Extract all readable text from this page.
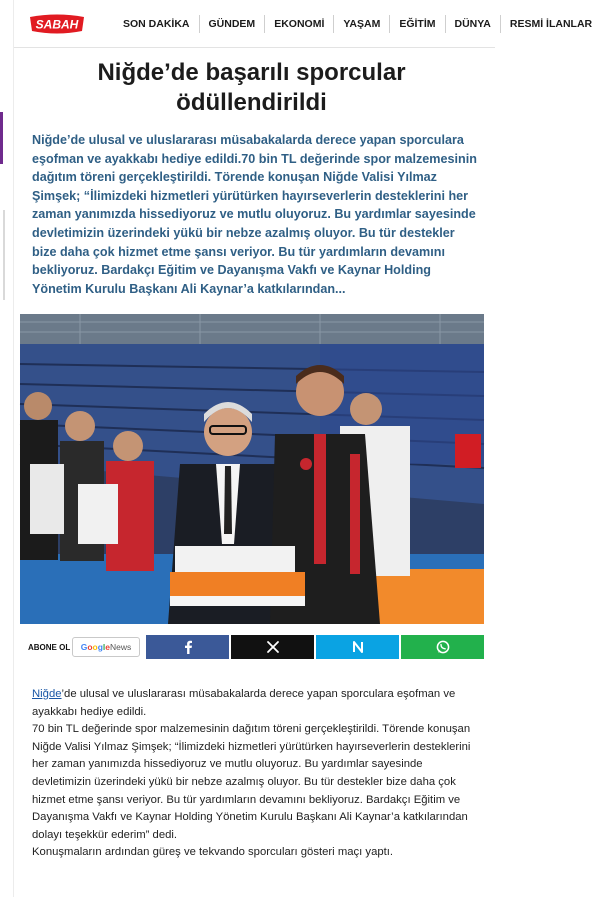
SABAH	SON DAKİKA	GÜNDEM	EKONOMİ	YAŞAM	EĞİTİM	DÜNYA	RESMİ İLANLAR
Niğde’de başarılı sporcular
ödüllendirildi

Niğde’de ulusal ve uluslararası müsabakalarda derece yapan sporculara eşofman ve ayakkabı hediye edildi.70 bin TL değerinde spor malzemesinin dağıtım töreni gerçekleştirildi. Törende konuşan Niğde Valisi Yılmaz Şimşek; “İlimizdeki hizmetleri yürütürken hayırseverlerin desteklerini her zaman yanımızda hissediyoruz ve mutlu oluyoruz. Bu yardımlar sayesinde devletimizin üzerindeki yükü bir nebze azalmış oluyor. Bu tür destekler bize daha çok hizmet etme şansı veriyor. Bu tür yardımların devamını bekliyoruz. Bardakçı Eğitim ve Dayanışma Vakfı ve Kaynar Holding Yönetim Kurulu Başkanı Ali Kaynar’a katkılarından...

ABONE OL G o o g l e News

Niğde’de ulusal ve uluslararası müsabakalarda derece yapan sporculara eşofman ve ayakkabı hediye edildi.

70 bin TL değerinde spor malzemesinin dağıtım töreni gerçekleştirildi. Törende konuşan Niğde Valisi Yılmaz Şimşek; “İlimizdeki hizmetleri yürütürken hayırseverlerin desteklerini her zaman yanımızda hissediyoruz ve mutlu oluyoruz. Bu yardımlar sayesinde devletimizin üzerindeki yükü bir nebze azalmış oluyor. Bu tür destekler bize daha çok hizmet etme şansı veriyor. Bu tür yardımların devamını bekliyoruz. Bardakçı Eğitim ve Dayanışma Vakfı ve Kaynar Holding Yönetim Kurulu Başkanı Ali Kaynar’a katkılarından dolayı teşekkür ederim” dedi.

Konuşmaların ardından güreş ve tekvando sporcuları gösteri maçı yaptı.
